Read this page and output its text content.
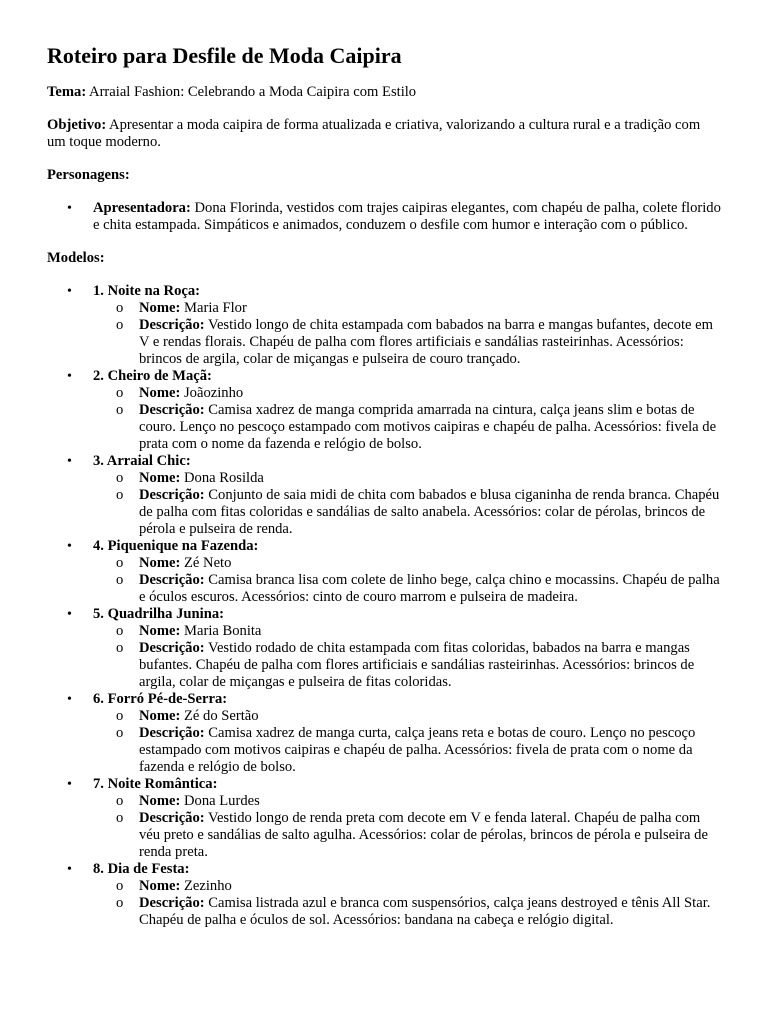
Roteiro para Desfile de Moda Caipira

Tema: Arraial Fashion: Celebrando a Moda Caipira com Estilo

Objetivo: Apresentar a moda caipira de forma atualizada e criativa, valorizando a cultura rural e a tradição com um toque moderno.

Personagens:

• Apresentadora: Dona Florinda, vestidos com trajes caipiras elegantes, com chapéu de palha, colete florido e chita estampada. Simpáticos e animados, conduzem o desfile com humor e interação com o público.

Modelos:

• 1. Noite na Roça:
o Nome: Maria Flor
o Descrição: Vestido longo de chita estampada com babados na barra e mangas bufantes, decote em V e rendas florais. Chapéu de palha com flores artificiais e sandálias rasteirinhas. Acessórios: brincos de argila, colar de miçangas e pulseira de couro trançado.
• 2. Cheiro de Maçã:
o Nome: Joãozinho
o Descrição: Camisa xadrez de manga comprida amarrada na cintura, calça jeans slim e botas de couro. Lenço no pescoço estampado com motivos caipiras e chapéu de palha. Acessórios: fivela de prata com o nome da fazenda e relógio de bolso.
• 3. Arraial Chic:
o Nome: Dona Rosilda
o Descrição: Conjunto de saia midi de chita com babados e blusa ciganinha de renda branca. Chapéu de palha com fitas coloridas e sandálias de salto anabela. Acessórios: colar de pérolas, brincos de pérola e pulseira de renda.
• 4. Piquenique na Fazenda:
o Nome: Zé Neto
o Descrição: Camisa branca lisa com colete de linho bege, calça chino e mocassins. Chapéu de palha e óculos escuros. Acessórios: cinto de couro marrom e pulseira de madeira.
• 5. Quadrilha Junina:
o Nome: Maria Bonita
o Descrição: Vestido rodado de chita estampada com fitas coloridas, babados na barra e mangas bufantes. Chapéu de palha com flores artificiais e sandálias rasteirinhas. Acessórios: brincos de argila, colar de miçangas e pulseira de fitas coloridas.
• 6. Forró Pé-de-Serra:
o Nome: Zé do Sertão
o Descrição: Camisa xadrez de manga curta, calça jeans reta e botas de couro. Lenço no pescoço estampado com motivos caipiras e chapéu de palha. Acessórios: fivela de prata com o nome da fazenda e relógio de bolso.
• 7. Noite Romântica:
o Nome: Dona Lurdes
o Descrição: Vestido longo de renda preta com decote em V e fenda lateral. Chapéu de palha com véu preto e sandálias de salto agulha. Acessórios: colar de pérolas, brincos de pérola e pulseira de renda preta.
• 8. Dia de Festa:
o Nome: Zezinho
o Descrição: Camisa listrada azul e branca com suspensórios, calça jeans destroyed e tênis All Star. Chapéu de palha e óculos de sol. Acessórios: bandana na cabeça e relógio digital.
